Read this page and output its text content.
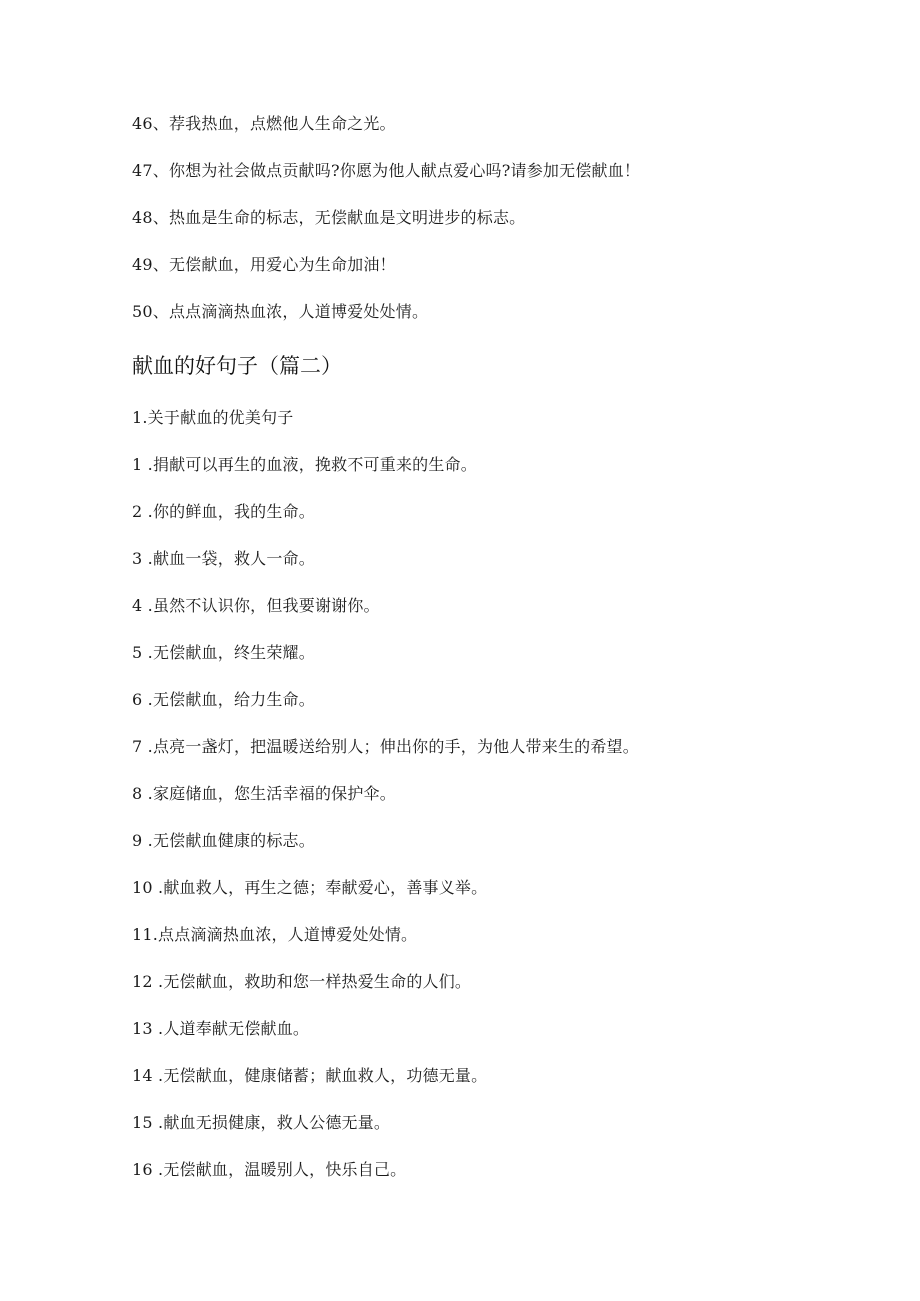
46、荐我热血，点燃他人生命之光。
47、你想为社会做点贡献吗?你愿为他人献点爱心吗?请参加无偿献血！
48、热血是生命的标志，无偿献血是文明进步的标志。
49、无偿献血，用爱心为生命加油！
50、点点滴滴热血浓，人道博爱处处情。
献血的好句子（篇二）
1.关于献血的优美句子
1 .捐献可以再生的血液，挽救不可重来的生命。
2 .你的鲜血，我的生命。
3 .献血一袋，救人一命。
4 .虽然不认识你，但我要谢谢你。
5 .无偿献血，终生荣耀。
6 .无偿献血，给力生命。
7 .点亮一盏灯，把温暖送给别人；伸出你的手，为他人带来生的希望。
8 .家庭储血，您生活幸福的保护伞。
9 .无偿献血健康的标志。
10 .献血救人，再生之德；奉献爱心，善事义举。
11.点点滴滴热血浓，人道博爱处处情。
12 .无偿献血，救助和您一样热爱生命的人们。
13 .人道奉献无偿献血。
14 .无偿献血，健康储蓄；献血救人，功德无量。
15 .献血无损健康，救人公德无量。
16 .无偿献血，温暖别人，快乐自己。
